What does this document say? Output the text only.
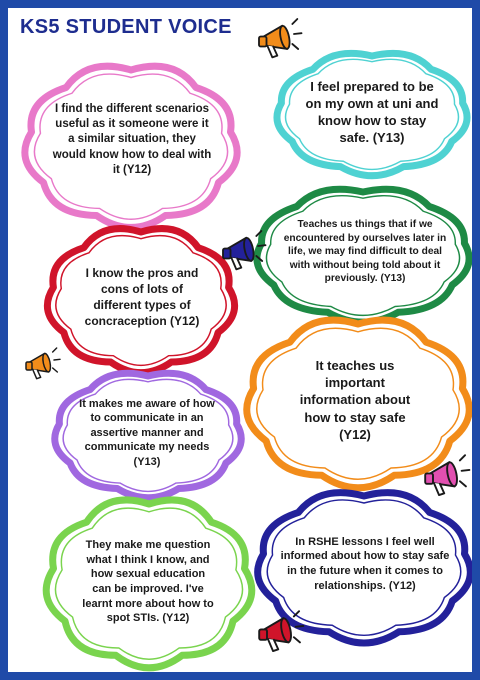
KS5 STUDENT VOICE
I find the different scenarios useful as it someone were it a similar situation, they would know how to deal with it (Y12)
I feel prepared to be on my own at uni and know how to stay safe. (Y13)
Teaches us things that if we encountered by ourselves later in life, we may find difficult to deal with without being told about it previously. (Y13)
I know the pros and cons of lots of different types of concraception (Y12)
It teaches us important information about how to stay safe (Y12)
It makes me aware of how to communicate in an assertive manner and communicate my needs (Y13)
They make me question what I think I know, and how sexual education can be improved. I've learnt more about how to spot STIs. (Y12)
In RSHE lessons I feel well informed about how to stay safe in the future when it comes to relationships. (Y12)
